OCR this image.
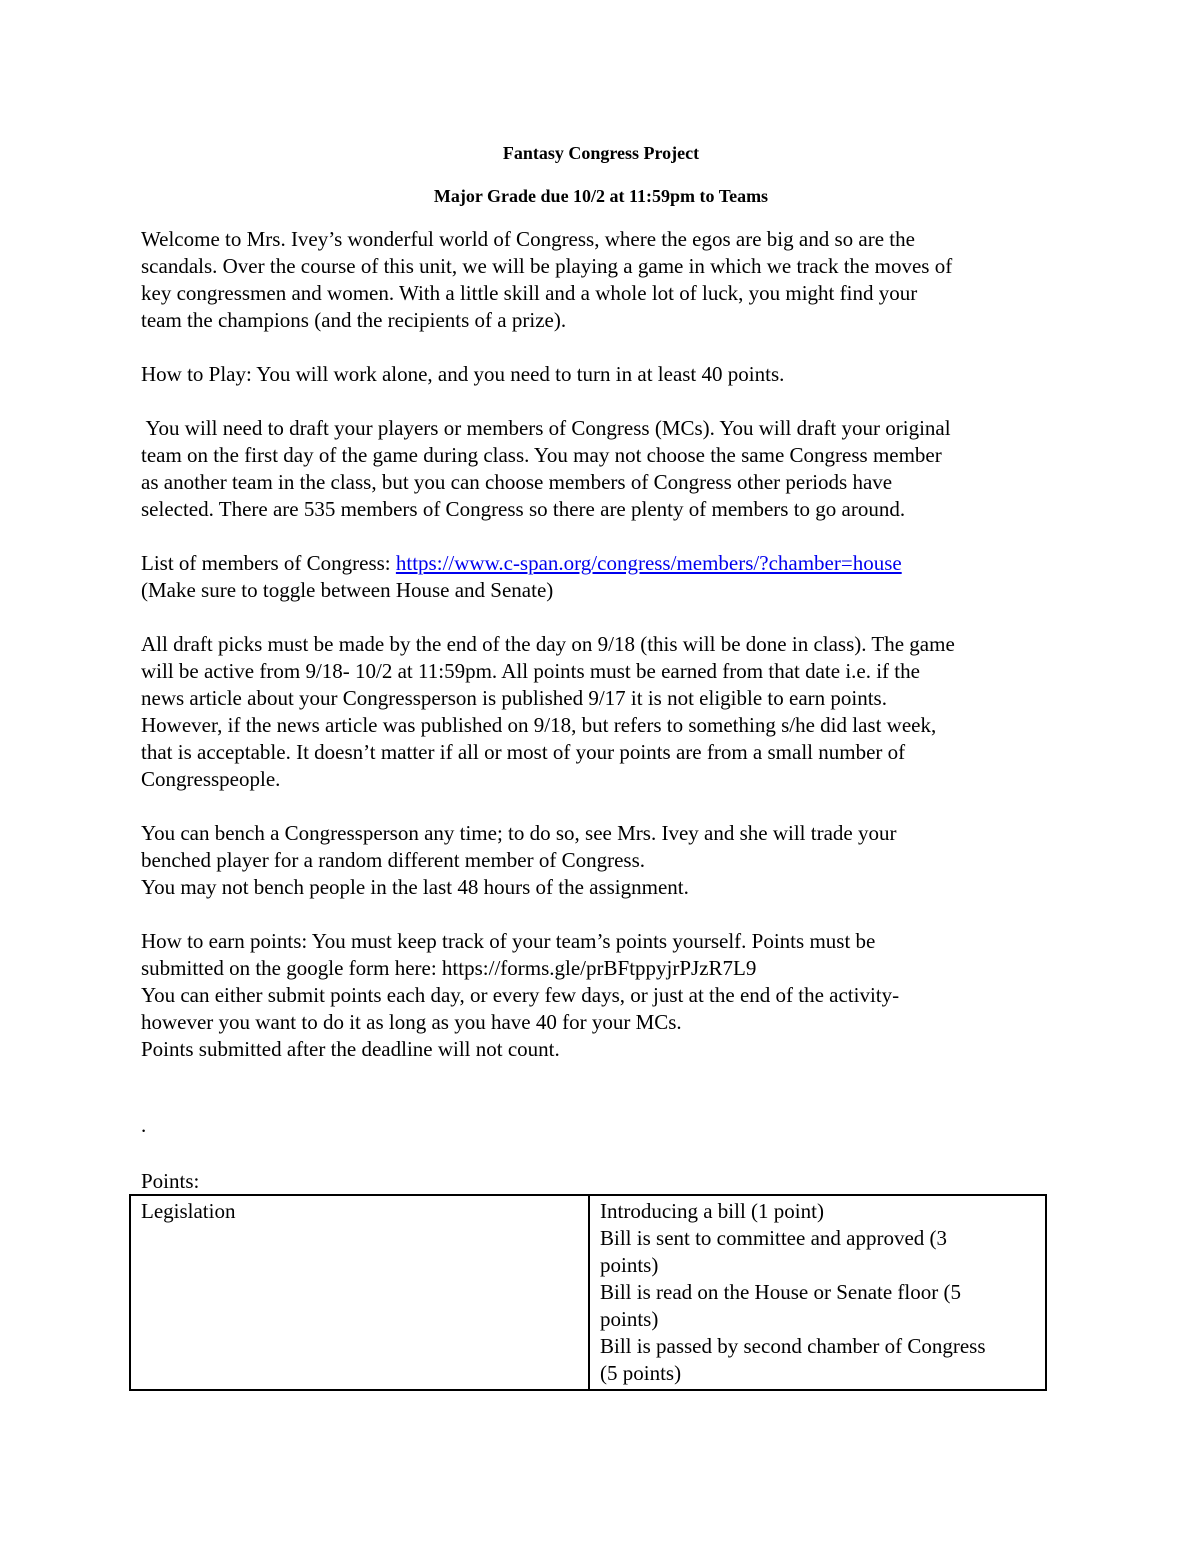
Fantasy Congress Project

Major Grade due 10/2 at 11:59pm to Teams

Welcome to Mrs. Ivey’s wonderful world of Congress, where the egos are big and so are the
scandals. Over the course of this unit, we will be playing a game in which we track the moves of
key congressmen and women. With a little skill and a whole lot of luck, you might find your
team the champions (and the recipients of a prize).

How to Play: You will work alone, and you need to turn in at least 40 points.

You will need to draft your players or members of Congress (MCs). You will draft your original
team on the first day of the game during class. You may not choose the same Congress member
as another team in the class, but you can choose members of Congress other periods have
selected. There are 535 members of Congress so there are plenty of members to go around.

List of members of Congress: https://www.c-span.org/congress/members/?chamber=house
(Make sure to toggle between House and Senate)

All draft picks must be made by the end of the day on 9/18 (this will be done in class). The game
will be active from 9/18- 10/2 at 11:59pm. All points must be earned from that date i.e. if the
news article about your Congressperson is published 9/17 it is not eligible to earn points.
However, if the news article was published on 9/18, but refers to something s/he did last week,
that is acceptable. It doesn’t matter if all or most of your points are from a small number of
Congresspeople.

You can bench a Congressperson any time; to do so, see Mrs. Ivey and she will trade your
benched player for a random different member of Congress.
You may not bench people in the last 48 hours of the assignment.

How to earn points: You must keep track of your team’s points yourself. Points must be
submitted on the google form here: https://forms.gle/prBFtppyjrPJzR7L9
You can either submit points each day, or every few days, or just at the end of the activity-
however you want to do it as long as you have 40 for your MCs.
Points submitted after the deadline will not count.

.
Points:
Legislation	Introducing a bill (1 point)
Bill is sent to committee and approved (3
points)
Bill is read on the House or Senate floor (5
points)
Bill is passed by second chamber of Congress
(5 points)
